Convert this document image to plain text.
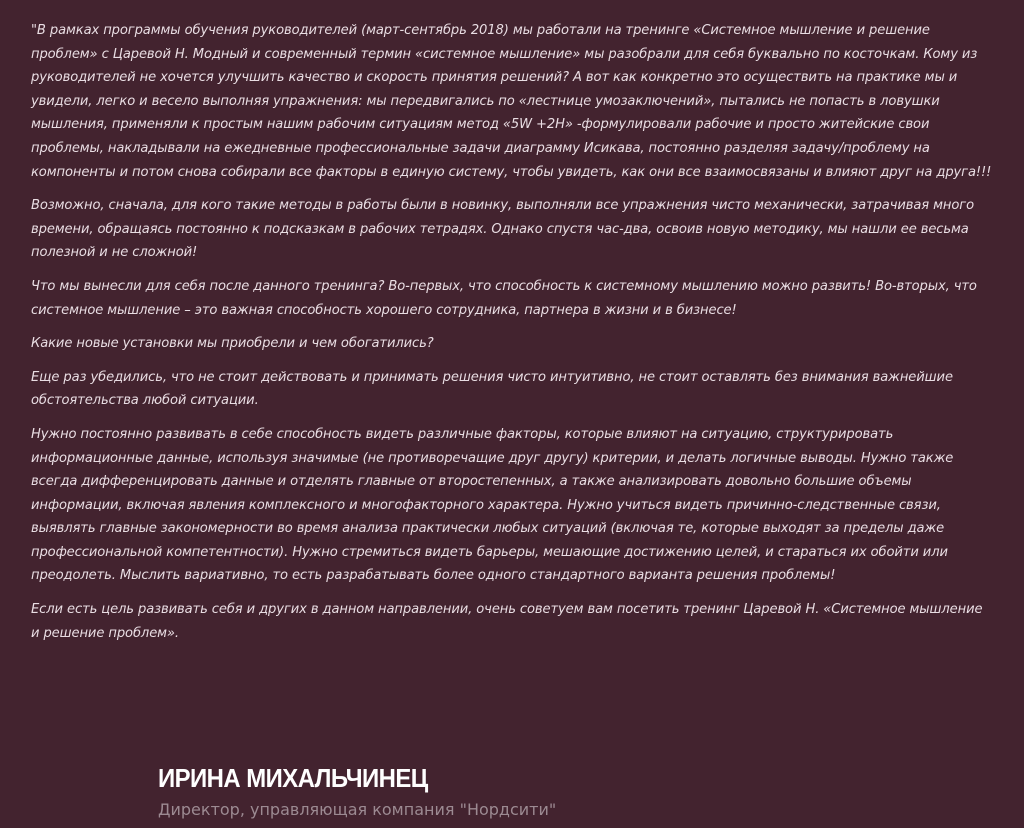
"В рамках программы обучения руководителей (март-сентябрь 2018) мы работали на тренинге «Системное мышление и решение проблем» с Царевой Н. Модный и современный термин «системное мышление» мы разобрали для себя буквально по косточкам. Кому из руководителей не хочется улучшить качество и скорость принятия решений? А вот как конкретно это осуществить на практике мы и увидели, легко и весело выполняя упражнения: мы передвигались по «лестнице умозаключений», пытались не попасть в ловушки мышления, применяли к простым нашим рабочим ситуациям метод «5W +2H» -формулировали рабочие и просто житейские свои проблемы, накладывали на ежедневные профессиональные задачи диаграмму Исикава, постоянно разделяя задачу/проблему на компоненты и потом снова собирали все факторы в единую систему, чтобы увидеть, как они все взаимосвязаны и влияют друг на друга!!!

Возможно, сначала, для кого такие методы в работы были в новинку, выполняли все упражнения чисто механически, затрачивая много времени, обращаясь постоянно к подсказкам в рабочих тетрадях. Однако спустя час-два, освоив новую методику, мы нашли ее весьма полезной и не сложной!

Что мы вынесли для себя после данного тренинга? Во-первых, что способность к системному мышлению можно развить! Во-вторых, что системное мышление – это важная способность хорошего сотрудника, партнера в жизни и в бизнесе!

Какие новые установки мы приобрели и чем обогатились?

Еще раз убедились, что не стоит действовать и принимать решения чисто интуитивно, не стоит оставлять без внимания важнейшие обстоятельства любой ситуации.

Нужно постоянно развивать в себе способность видеть различные факторы, которые влияют на ситуацию, структурировать информационные данные, используя значимые (не противоречащие друг другу) критерии, и делать логичные выводы. Нужно также всегда дифференцировать данные и отделять главные от второстепенных, а также анализировать довольно большие объемы информации, включая явления комплексного и многофакторного характера. Нужно учиться видеть причинно-следственные связи, выявлять главные закономерности во время анализа практически любых ситуаций (включая те, которые выходят за пределы даже профессиональной компетентности). Нужно стремиться видеть барьеры, мешающие достижению целей, и стараться их обойти или преодолеть. Мыслить вариативно, то есть разрабатывать более одного стандартного варианта решения проблемы!

Если есть цель развивать себя и других в данном направлении, очень советуем вам посетить тренинг Царевой Н. «Системное мышление и решение проблем».

ИРИНА МИХАЛЬЧИНЕЦ

Директор, управляющая компания "Нордсити"
